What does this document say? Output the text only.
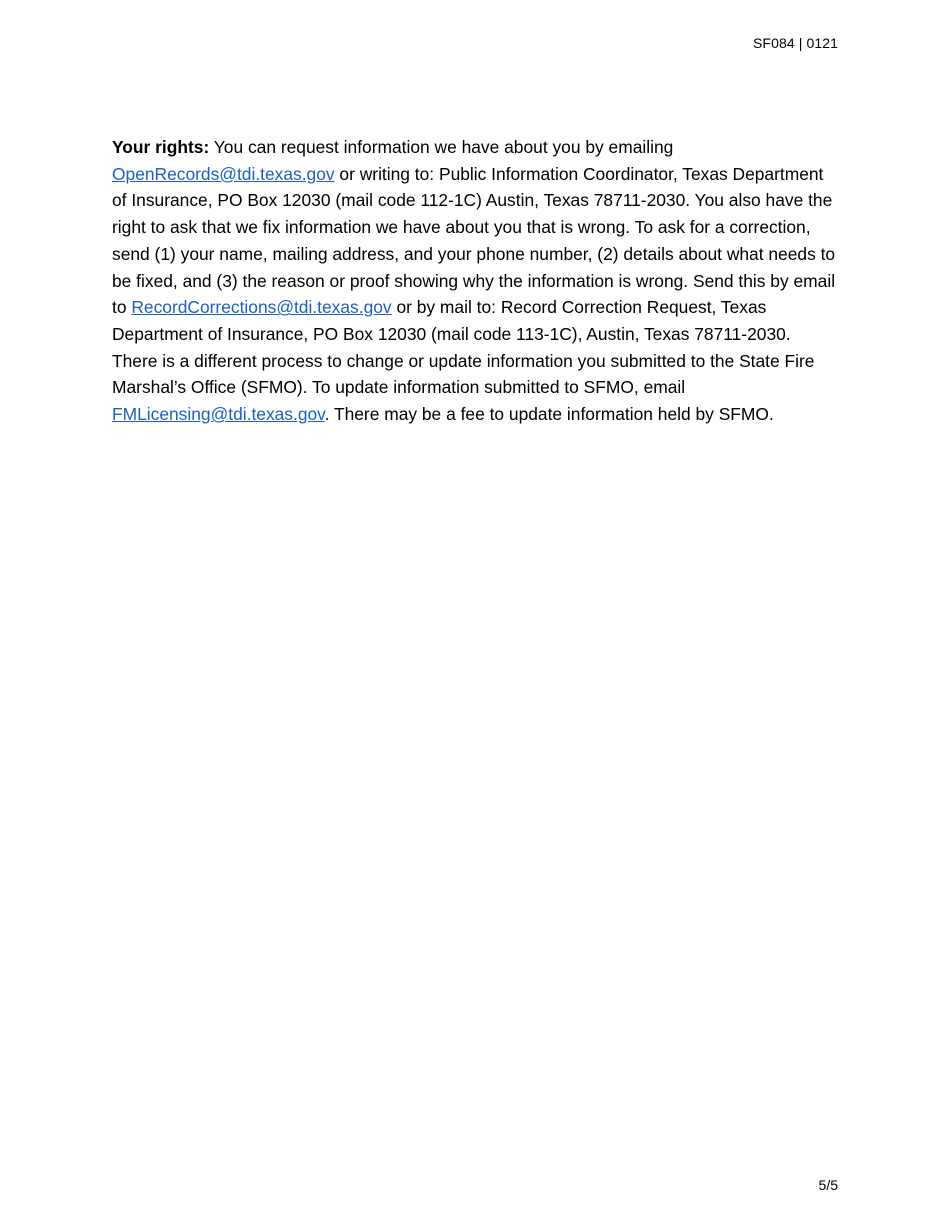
SF084 | 0121

Your rights: You can request information we have about you by emailing OpenRecords@tdi.texas.gov or writing to: Public Information Coordinator, Texas Department of Insurance, PO Box 12030 (mail code 112-1C) Austin, Texas 78711-2030. You also have the right to ask that we fix information we have about you that is wrong. To ask for a correction, send (1) your name, mailing address, and your phone number, (2) details about what needs to be fixed, and (3) the reason or proof showing why the information is wrong. Send this by email to RecordCorrections@tdi.texas.gov or by mail to: Record Correction Request, Texas Department of Insurance, PO Box 12030 (mail code 113-1C), Austin, Texas 78711-2030. There is a different process to change or update information you submitted to the State Fire Marshal’s Office (SFMO). To update information submitted to SFMO, email FMLicensing@tdi.texas.gov. There may be a fee to update information held by SFMO.

5/5
